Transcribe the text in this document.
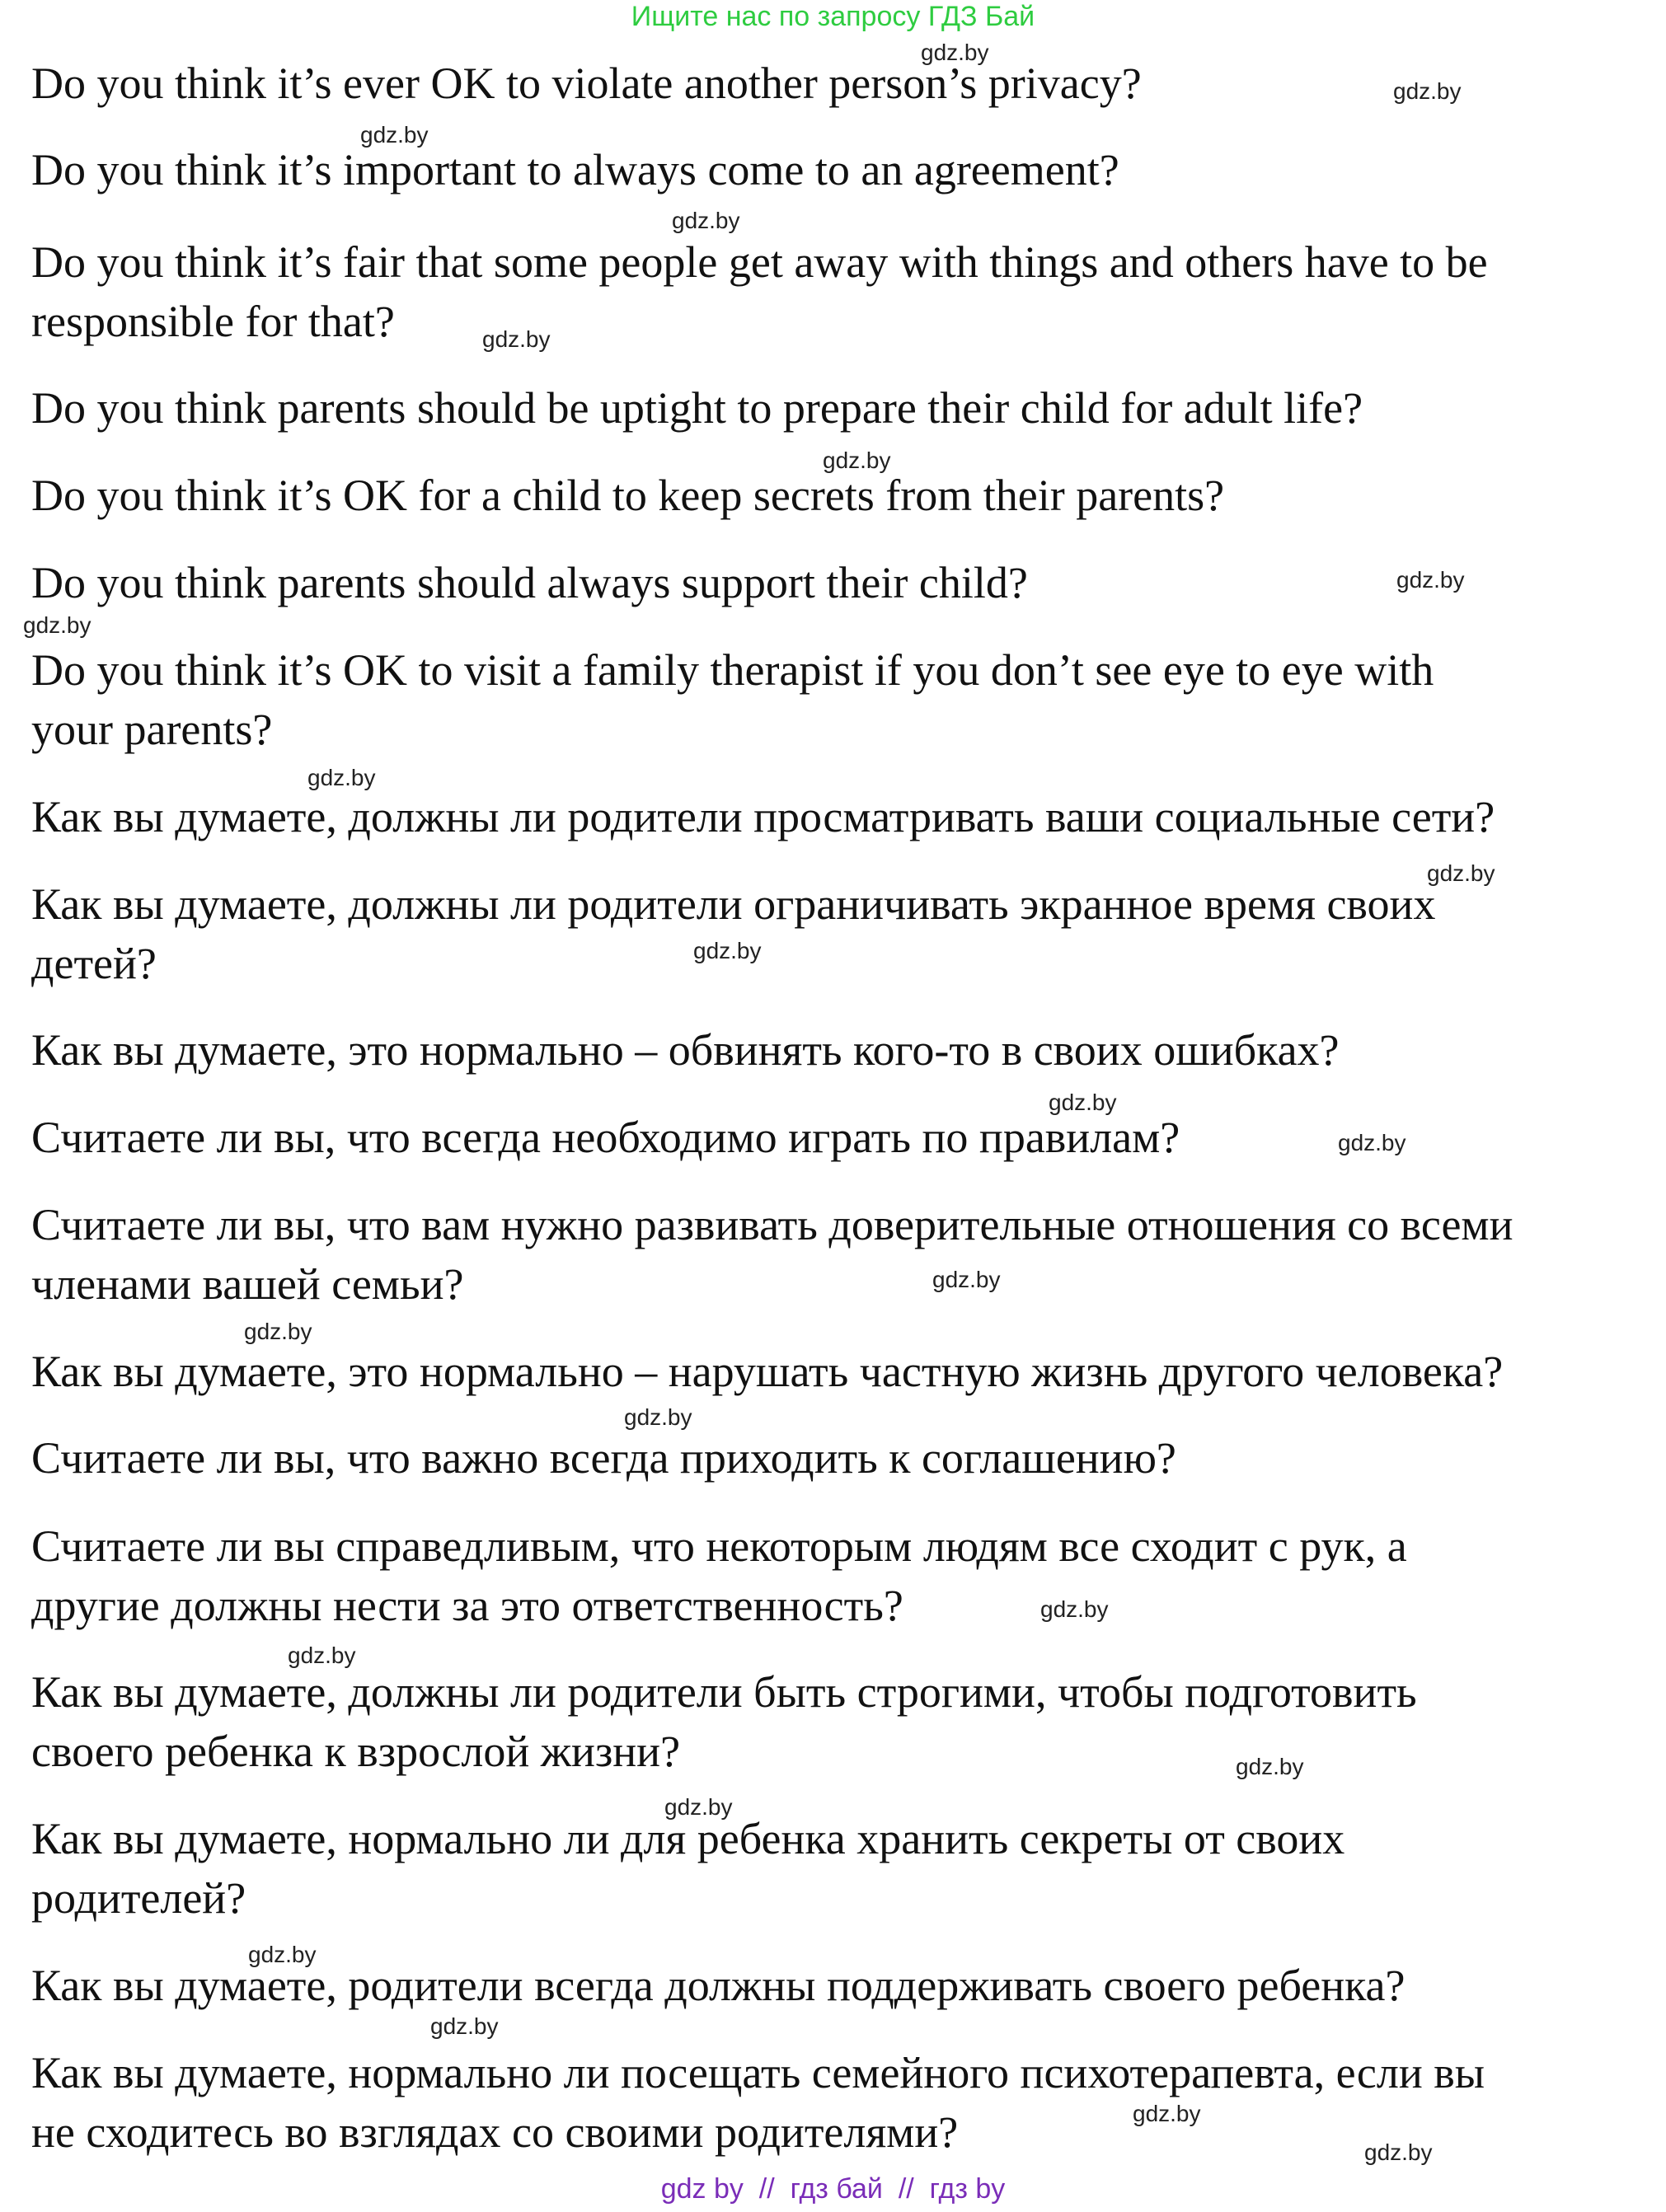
Ищите нас по запросу ГДЗ Бай

Do you think it’s ever OK to violate another person’s privacy?

Do you think it’s important to always come to an agreement?

Do you think it’s fair that some people get away with things and others have to be
responsible for that?

Do you think parents should be uptight to prepare their child for adult life?

Do you think it’s OK for a child to keep secrets from their parents?

Do you think parents should always support their child?

Do you think it’s OK to visit a family therapist if you don’t see eye to eye with
your parents?

Как вы думаете, должны ли родители просматривать ваши социальные сети?

Как вы думаете, должны ли родители ограничивать экранное время своих
детей?

Как вы думаете, это нормально – обвинять кого-то в своих ошибках?

Считаете ли вы, что всегда необходимо играть по правилам?

Считаете ли вы, что вам нужно развивать доверительные отношения со всеми
членами вашей семьи?

Как вы думаете, это нормально – нарушать частную жизнь другого человека?

Считаете ли вы, что важно всегда приходить к соглашению?

Считаете ли вы справедливым, что некоторым людям все сходит с рук, а
другие должны нести за это ответственность?

Как вы думаете, должны ли родители быть строгими, чтобы подготовить
своего ребенка к взрослой жизни?

Как вы думаете, нормально ли для ребенка хранить секреты от своих
родителей?

Как вы думаете, родители всегда должны поддерживать своего ребенка?

Как вы думаете, нормально ли посещать семейного психотерапевта, если вы
не сходитесь во взглядах со своими родителями?

gdz.by
gdz.by
gdz.by
gdz.by
gdz.by
gdz.by
gdz.by
gdz.by
gdz.by
gdz.by
gdz.by
gdz.by
gdz.by
gdz.by
gdz.by
gdz.by
gdz.by
gdz.by
gdz.by
gdz.by
gdz.by
gdz.by
gdz.by
gdz.by
gdz by  //  гдз бай  //  гдз by
